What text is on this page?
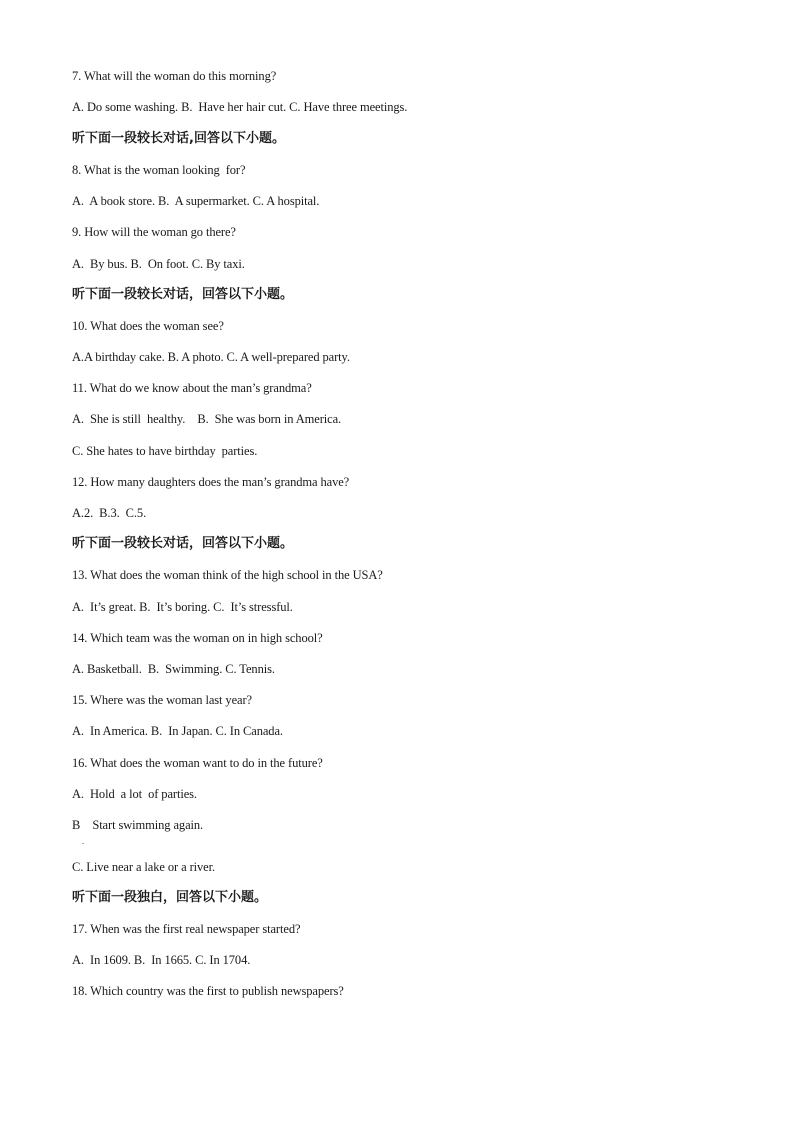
7. What will the woman do this morning?
A. Do some washing. B.  Have her hair cut. C. Have three meetings.
听下面一段较长对话,回答以下小题。
8. What is the woman looking  for?
A.  A book store. B.  A supermarket. C. A hospital.
9. How will the woman go there?
A.  By bus. B.  On foot. C. By taxi.
听下面一段较长对话，回答以下小题。
10. What does the woman see?
A.A birthday cake. B. A photo. C. A well-prepared party.
11. What do we know about the man’s grandma?
A.  She is still  healthy.    B.  She was born in America.
C. She hates to have birthday  parties.
12. How many daughters does the man’s grandma have?
A.2.  B.3.  C.5.
听下面一段较长对话，回答以下小题。
13. What does the woman think of the high school in the USA?
A.  It’s great. B.  It’s boring. C.  It’s stressful.
14. Which team was the woman on in high school?
A. Basketball.  B.  Swimming. C. Tennis.
15. Where was the woman last year?
A.  In America. B.  In Japan. C. In Canada.
16. What does the woman want to do in the future?
A.  Hold  a lot  of parties.
B    Start swimming again.
.
C. Live near a lake or a river.
听下面一段独白，回答以下小题。
17. When was the first real newspaper started?
A.  In 1609. B.  In 1665. C. In 1704.
18. Which country was the first to publish newspapers?
